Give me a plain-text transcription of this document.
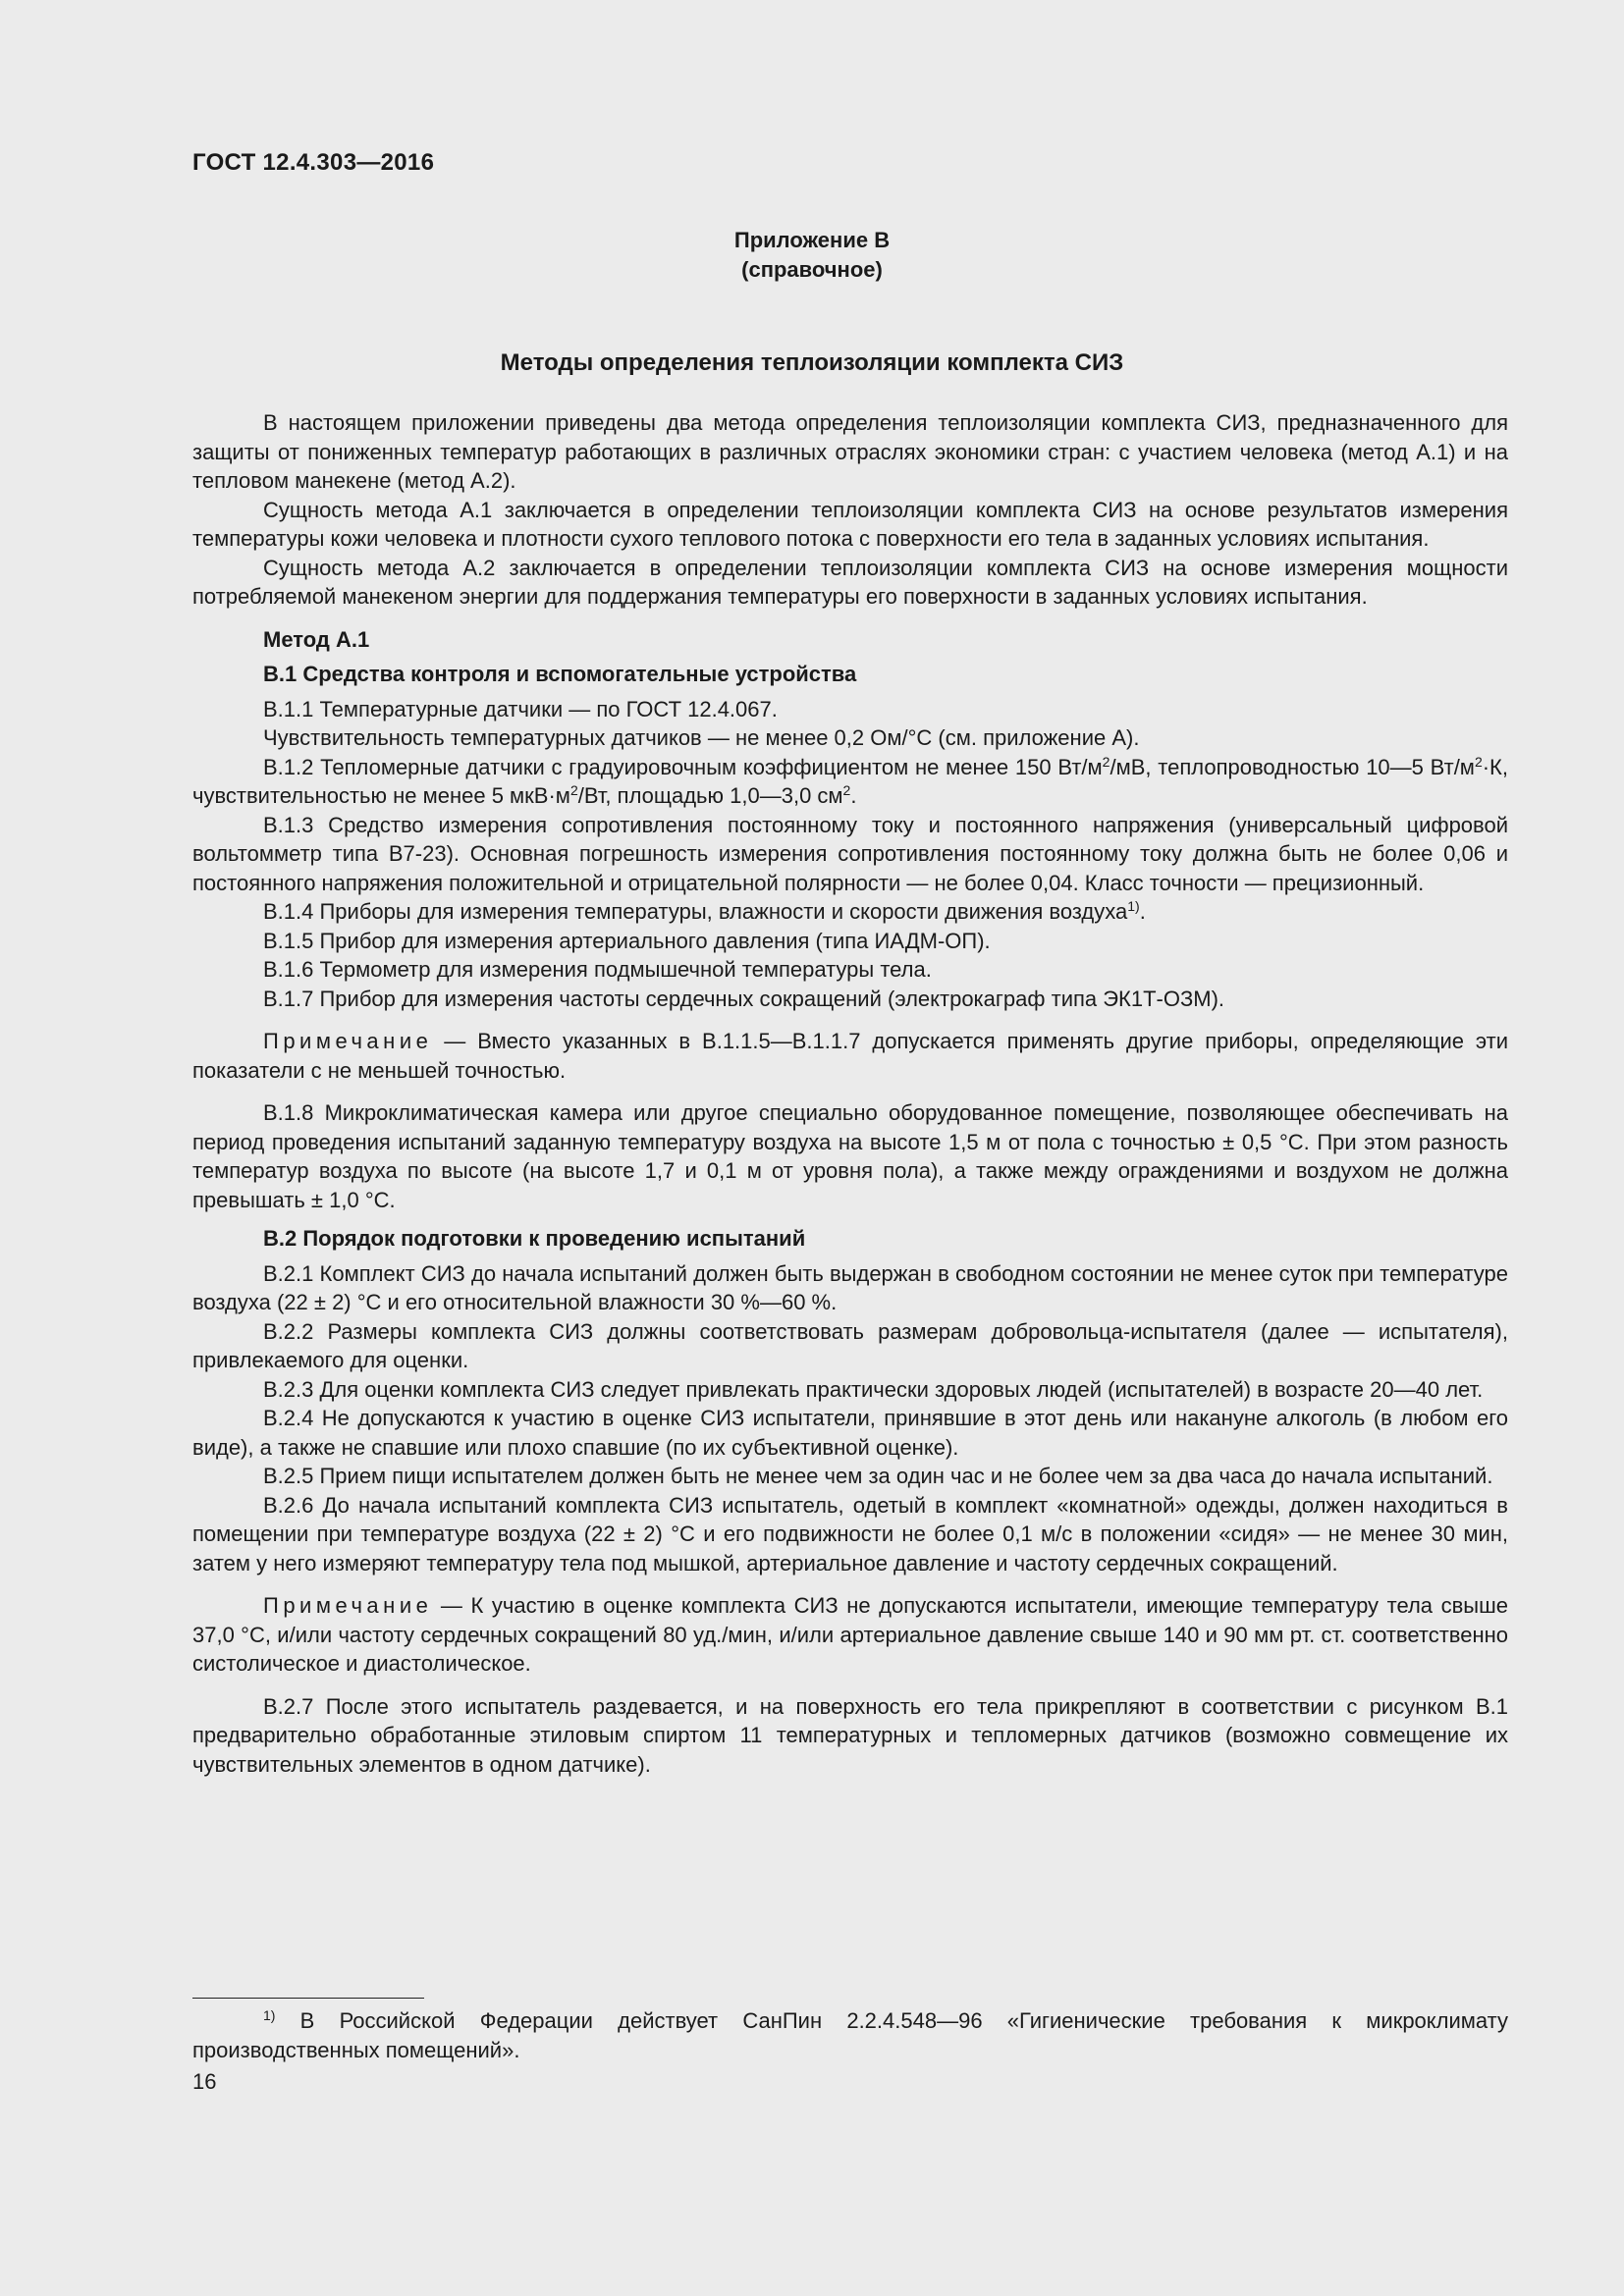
ГОСТ 12.4.303—2016
Приложение В
(справочное)
Методы определения теплоизоляции комплекта СИЗ

В настоящем приложении приведены два метода определения теплоизоляции комплекта СИЗ, предназначенного для защиты от пониженных температур работающих в различных отраслях экономики стран: с участием человека (метод А.1) и на тепловом манекене (метод А.2).

Сущность метода А.1 заключается в определении теплоизоляции комплекта СИЗ на основе результатов измерения температуры кожи человека и плотности сухого теплового потока с поверхности его тела в заданных условиях испытания.

Сущность метода А.2 заключается в определении теплоизоляции комплекта СИЗ на основе измерения мощности потребляемой манекеном энергии для поддержания температуры его поверхности в заданных условиях испытания.

Метод А.1
В.1 Средства контроля и вспомогательные устройства

В.1.1 Температурные датчики — по ГОСТ 12.4.067.

Чувствительность температурных датчиков — не менее 0,2 Ом/°С (см. приложение А).

В.1.2 Тепломерные датчики с градуировочным коэффициентом не менее 150 $Вт/м^2/мВ$, теплопроводностью 10—5 $Вт/м^2\cdot К$, чувствительностью не менее 5 $мкВ\cdot м^2/Вт$, площадью 1,0—3,0 $см^2$.

В.1.3 Средство измерения сопротивления постоянному току и постоянного напряжения (универсальный цифровой вольтомметр типа В7-23). Основная погрешность измерения сопротивления постоянному току должна быть не более 0,06 и постоянного напряжения положительной и отрицательной полярности — не более 0,04. Класс точности — прецизионный.

В.1.4 Приборы для измерения температуры, влажности и скорости движения воздуха$^{1)}$.

В.1.5 Прибор для измерения артериального давления (типа ИАДМ-ОП).

В.1.6 Термометр для измерения подмышечной температуры тела.

В.1.7 Прибор для измерения частоты сердечных сокращений (электрокаграф типа ЭК1Т-ОЗМ).

Примечание — Вместо указанных в В.1.1.5—В.1.1.7 допускается применять другие приборы, определяющие эти показатели с не меньшей точностью.

В.1.8 Микроклиматическая камера или другое специально оборудованное помещение, позволяющее обеспечивать на период проведения испытаний заданную температуру воздуха на высоте 1,5 м от пола с точностью ± 0,5 °С. При этом разность температур воздуха по высоте (на высоте 1,7 и 0,1 м от уровня пола), а также между ограждениями и воздухом не должна превышать ± 1,0 °С.

В.2 Порядок подготовки к проведению испытаний

В.2.1 Комплект СИЗ до начала испытаний должен быть выдержан в свободном состоянии не менее суток при температуре воздуха (22 ± 2) °С и его относительной влажности 30 %—60 %.

В.2.2 Размеры комплекта СИЗ должны соответствовать размерам добровольца-испытателя (далее — испытателя), привлекаемого для оценки.

В.2.3 Для оценки комплекта СИЗ следует привлекать практически здоровых людей (испытателей) в возрасте 20—40 лет.

В.2.4 Не допускаются к участию в оценке СИЗ испытатели, принявшие в этот день или накануне алкоголь (в любом его виде), а также не спавшие или плохо спавшие (по их субъективной оценке).

В.2.5 Прием пищи испытателем должен быть не менее чем за один час и не более чем за два часа до начала испытаний.

В.2.6 До начала испытаний комплекта СИЗ испытатель, одетый в комплект «комнатной» одежды, должен находиться в помещении при температуре воздуха (22 ± 2) °С и его подвижности не более 0,1 м/с в положении «сидя» — не менее 30 мин, затем у него измеряют температуру тела под мышкой, артериальное давление и частоту сердечных сокращений.

Примечание — К участию в оценке комплекта СИЗ не допускаются испытатели, имеющие температуру тела свыше 37,0 °С, и/или частоту сердечных сокращений 80 уд./мин, и/или артериальное давление свыше 140 и 90 мм рт. ст. соответственно систолическое и диастолическое.

В.2.7 После этого испытатель раздевается, и на поверхность его тела прикрепляют в соответствии с рисунком В.1 предварительно обработанные этиловым спиртом 11 температурных и тепломерных датчиков (возможно совмещение их чувствительных элементов в одном датчике).

$^{1)}$ В Российской Федерации действует СанПин 2.2.4.548—96 «Гигиенические требования к микроклимату производственных помещений».
16
